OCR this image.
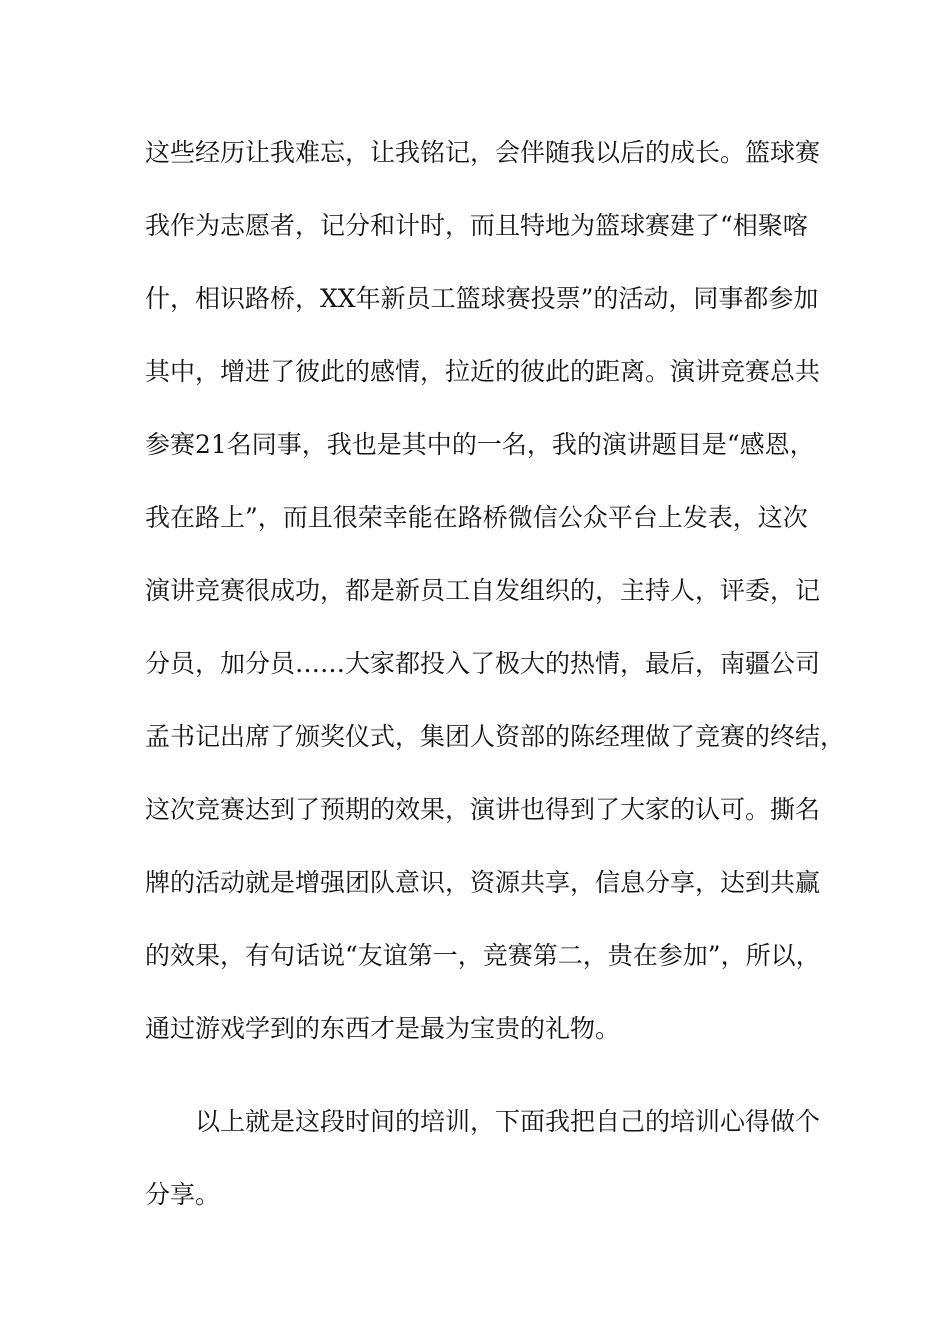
这些经历让我难忘，让我铭记，会伴随我以后的成长。篮球赛
我作为志愿者，记分和计时，而且特地为篮球赛建了“相聚喀
什，相识路桥，XX年新员工篮球赛投票”的活动，同事都参加
其中，增进了彼此的感情，拉近的彼此的距离。演讲竞赛总共
参赛21名同事，我也是其中的一名，我的演讲题目是“感恩，
我在路上”，而且很荣幸能在路桥微信公众平台上发表，这次
演讲竞赛很成功，都是新员工自发组织的，主持人，评委，记
分员，加分员……大家都投入了极大的热情，最后，南疆公司
孟书记出席了颁奖仪式，集团人资部的陈经理做了竞赛的终结，
这次竞赛达到了预期的效果，演讲也得到了大家的认可。撕名
牌的活动就是增强团队意识，资源共享，信息分享，达到共赢
的效果，有句话说“友谊第一，竞赛第二，贵在参加”，所以，
通过游戏学到的东西才是最为宝贵的礼物。
以上就是这段时间的培训，下面我把自己的培训心得做个
分享。
